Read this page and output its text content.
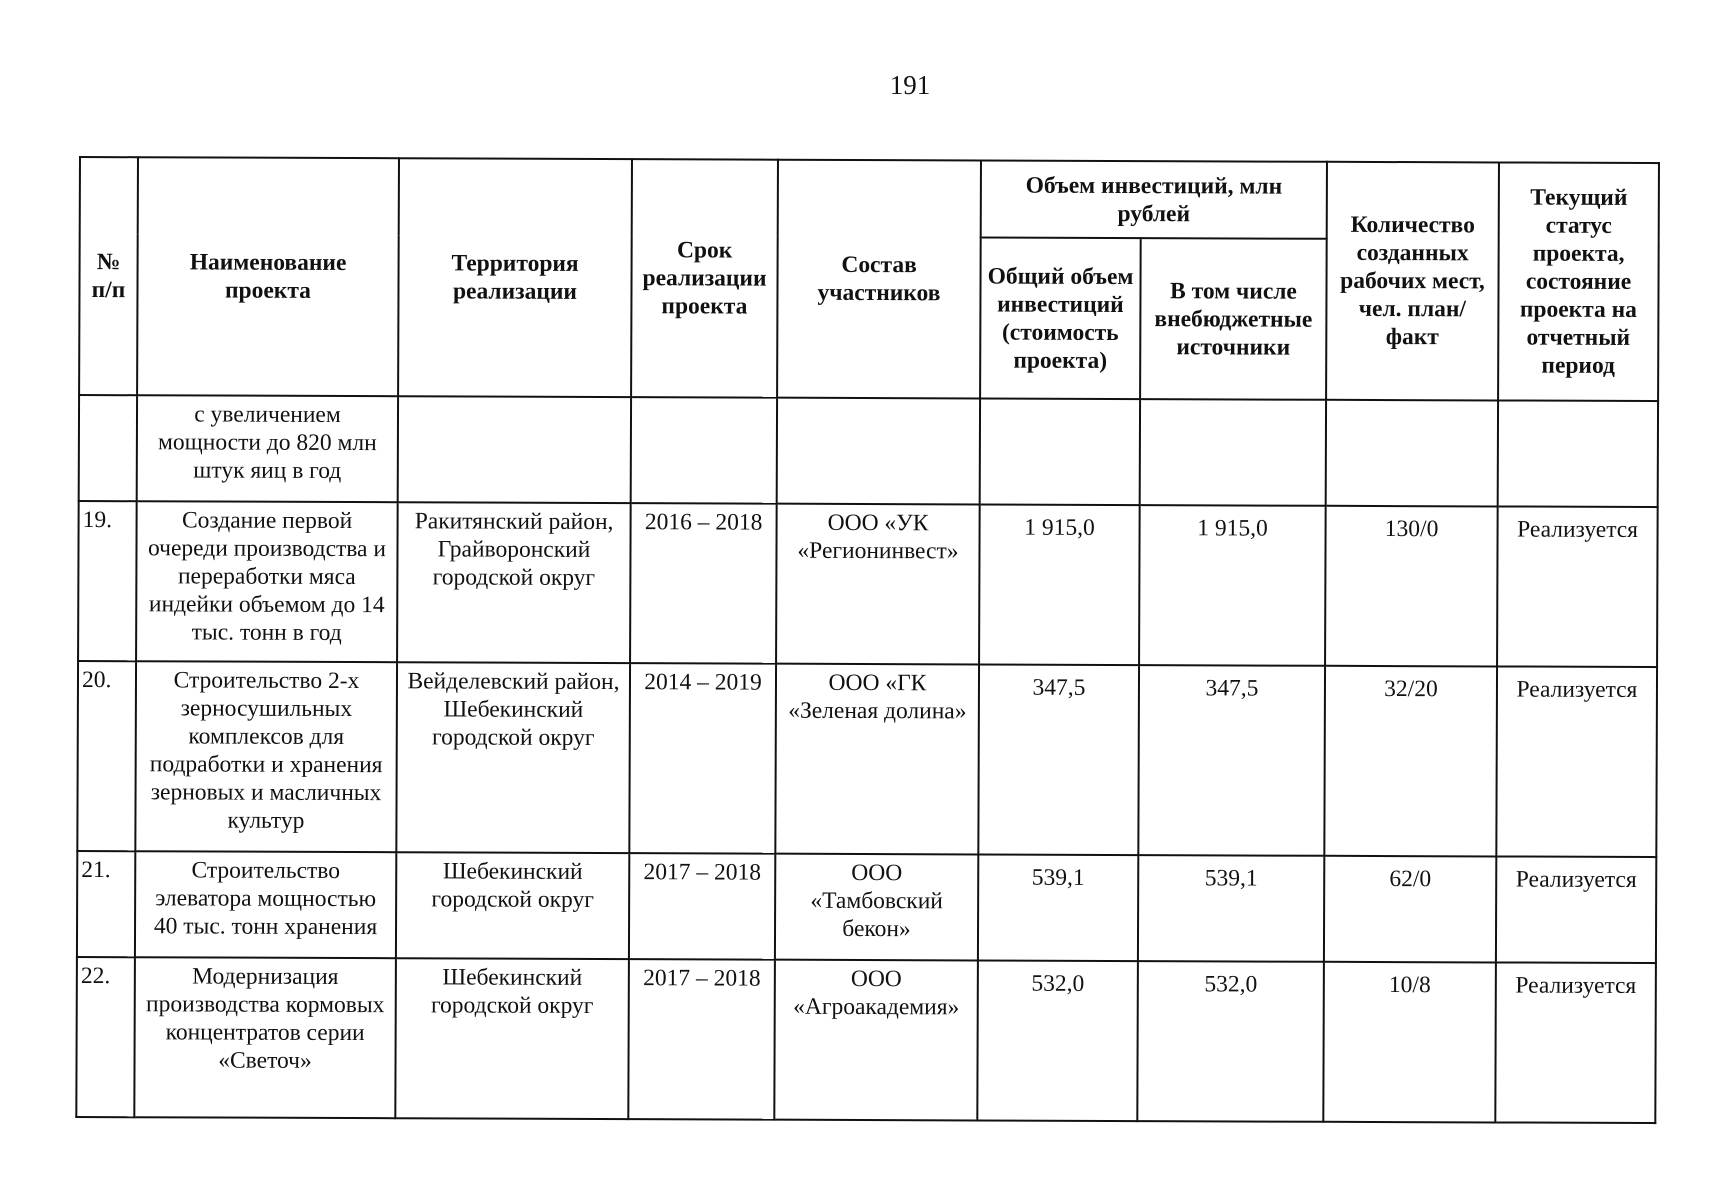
191
№ п/п	Наименование проекта	Территория реализации	Срок реализации проекта	Состав участников	Объем инвестиций, млн рублей		Количество созданных рабочих мест, чел. план/факт	Текущий статус проекта, состояние проекта на отчетный период
					Общий объем инвестиций (стоимость проекта)	В том числе внебюджетные источники		
	с увеличением мощности до 820 млн штук яиц в год							
19.	Создание первой очереди производства и переработки мяса индейки объемом до 14 тыс. тонн в год	Ракитянский район, Грайворонский городской округ	2016 – 2018	ООО «УК «Регионинвест»	1 915,0	1 915,0	130/0	Реализуется
20.	Строительство 2-х зерносушильных комплексов для подработки и хранения зерновых и масличных культур	Вейделевский район, Шебекинский городской округ	2014 – 2019	ООО «ГК «Зеленая долина»	347,5	347,5	32/20	Реализуется
21.	Строительство элеватора мощностью 40 тыс. тонн хранения	Шебекинский городской округ	2017 – 2018	ООО «Тамбовский бекон»	539,1	539,1	62/0	Реализуется
22.	Модернизация производства кормовых концентратов серии «Светоч»	Шебекинский городской округ	2017 – 2018	ООО «Агроакадемия»	532,0	532,0	10/8	Реализуется
